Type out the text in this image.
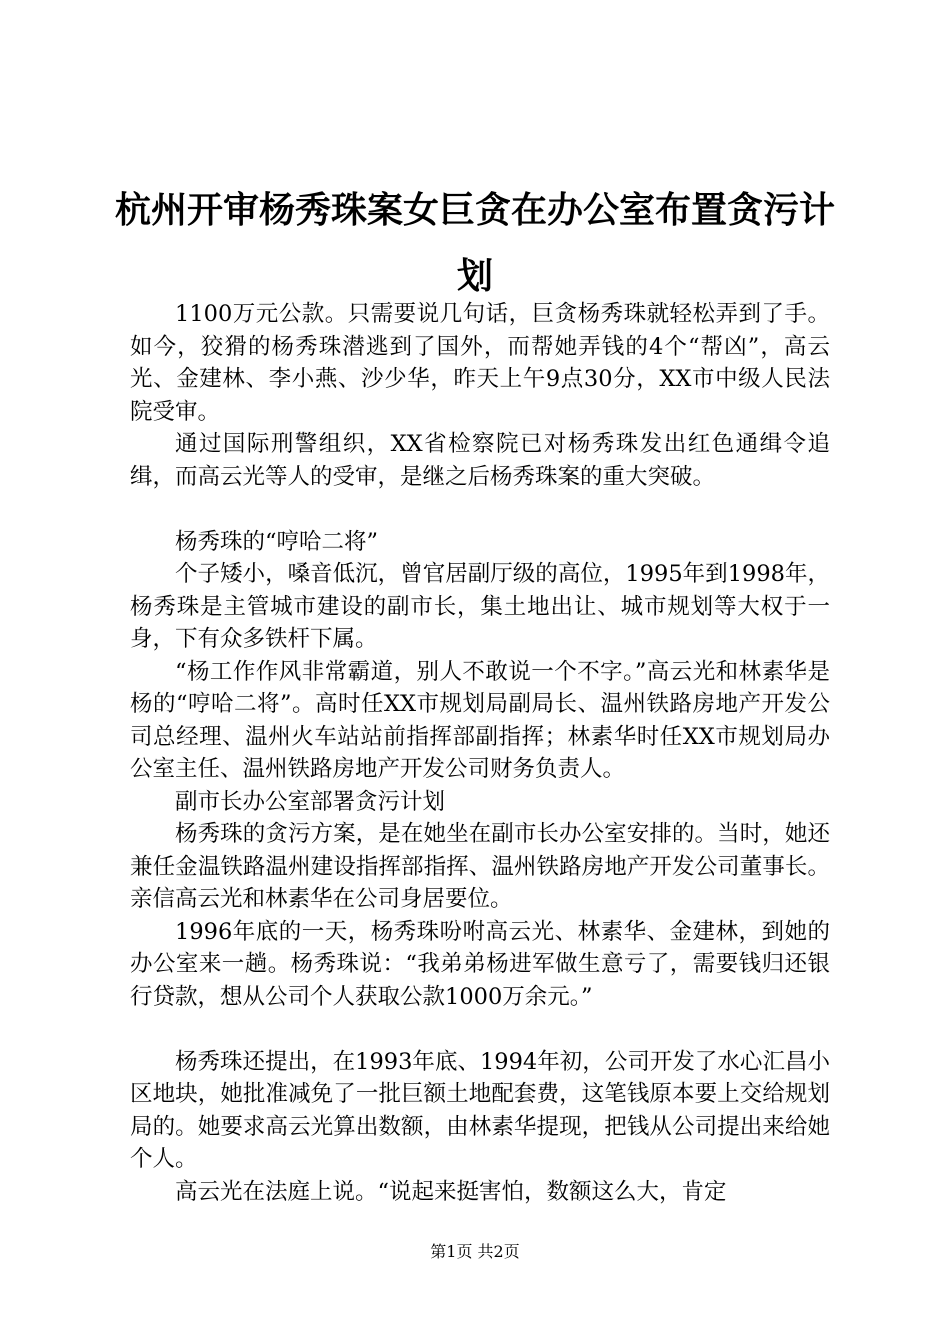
杭州开审杨秀珠案女巨贪在办公室布置贪污计
划

1100万元公款。只需要说几句话，巨贪杨秀珠就轻松弄到了手。如今，狡猾的杨秀珠潜逃到了国外，而帮她弄钱的4个“帮凶”，高云光、金建林、李小燕、沙少华，昨天上午9点30分，XX市中级人民法院受审。

通过国际刑警组织，XX省检察院已对杨秀珠发出红色通缉令追缉，而高云光等人的受审，是继之后杨秀珠案的重大突破。

杨秀珠的“哼哈二将”

个子矮小，嗓音低沉，曾官居副厅级的高位，1995年到1998年，杨秀珠是主管城市建设的副市长，集土地出让、城市规划等大权于一身，下有众多铁杆下属。

“杨工作作风非常霸道，别人不敢说一个不字。”高云光和林素华是杨的“哼哈二将”。高时任XX市规划局副局长、温州铁路房地产开发公司总经理、温州火车站站前指挥部副指挥；林素华时任XX市规划局办公室主任、温州铁路房地产开发公司财务负责人。

副市长办公室部署贪污计划

杨秀珠的贪污方案，是在她坐在副市长办公室安排的。当时，她还兼任金温铁路温州建设指挥部指挥、温州铁路房地产开发公司董事长。亲信高云光和林素华在公司身居要位。

1996年底的一天，杨秀珠吩咐高云光、林素华、金建林，到她的办公室来一趟。杨秀珠说：“我弟弟杨进军做生意亏了，需要钱归还银行贷款，想从公司个人获取公款1000万余元。”

杨秀珠还提出，在1993年底、1994年初，公司开发了水心汇昌小区地块，她批准减免了一批巨额土地配套费，这笔钱原本要上交给规划局的。她要求高云光算出数额，由林素华提现，把钱从公司提出来给她个人。

高云光在法庭上说。“说起来挺害怕，数额这么大，肯定

第1页 共2页
